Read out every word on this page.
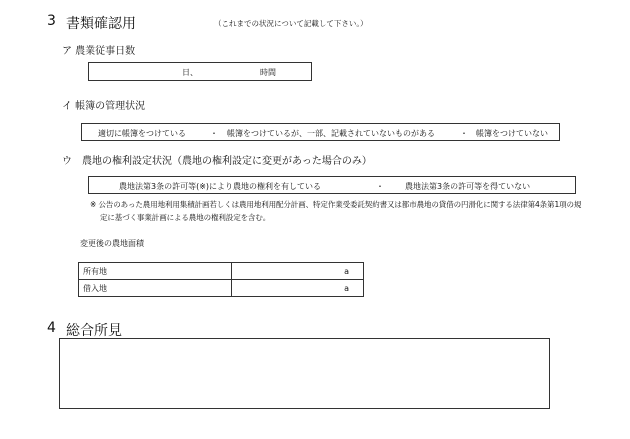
3 書類確認用	（これまでの状況について記載して下さい。）
ア 農業従事日数
日、	時間
イ 帳簿の管理状況
適切に帳簿をつけている	・ 帳簿をつけているが、一部、記載されていないものがある	・ 帳簿をつけていない
ウ　農地の権利設定状況（農地の権利設定に変更があった場合のみ）
農地法第3条の許可等(※)により農地の権利を有している	・	農地法第3条の許可等を得ていない
※ 公告のあった農用地利用集積計画若しくは農用地利用配分計画、特定作業受委託契約書又は都市農地の貸借の円滑化に関する法律第4条第1項の規
定に基づく事業計画による農地の権利設定を含む。
変更後の農地面積
所有地	a
借入地	a
4 総合所見
